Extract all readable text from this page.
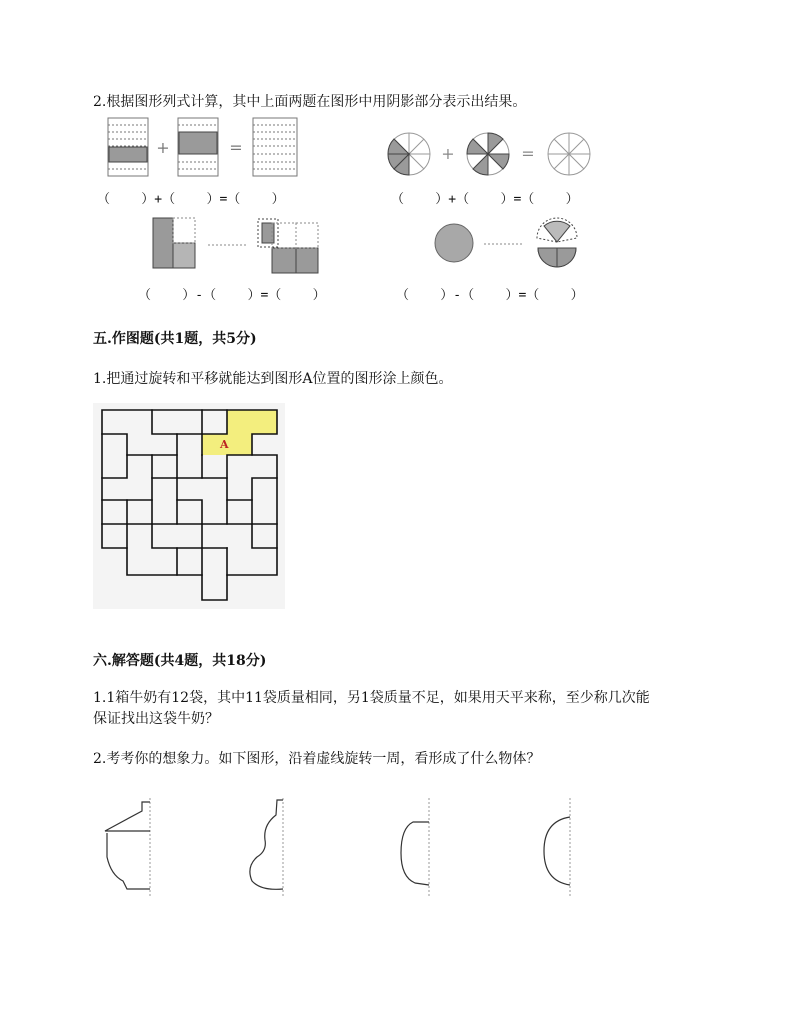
2.根据图形列式计算，其中上面两题在图形中用阴影部分表示出结果。
+	=
（    ）+（    ）=（    ）
+	=
（    ）+（    ）=（    ）
（    ）-（    ）=（    ）	（    ）-（    ）=（    ）
五.作图题(共1题，共5分)
1.把通过旋转和平移就能达到图形A位置的图形涂上颜色。
A
六.解答题(共4题，共18分)
1.1箱牛奶有12袋，其中11袋质量相同，另1袋质量不足，如果用天平来称，至少称几次能
保证找出这袋牛奶？
2.考考你的想象力。如下图形，沿着虚线旋转一周，看形成了什么物体？
